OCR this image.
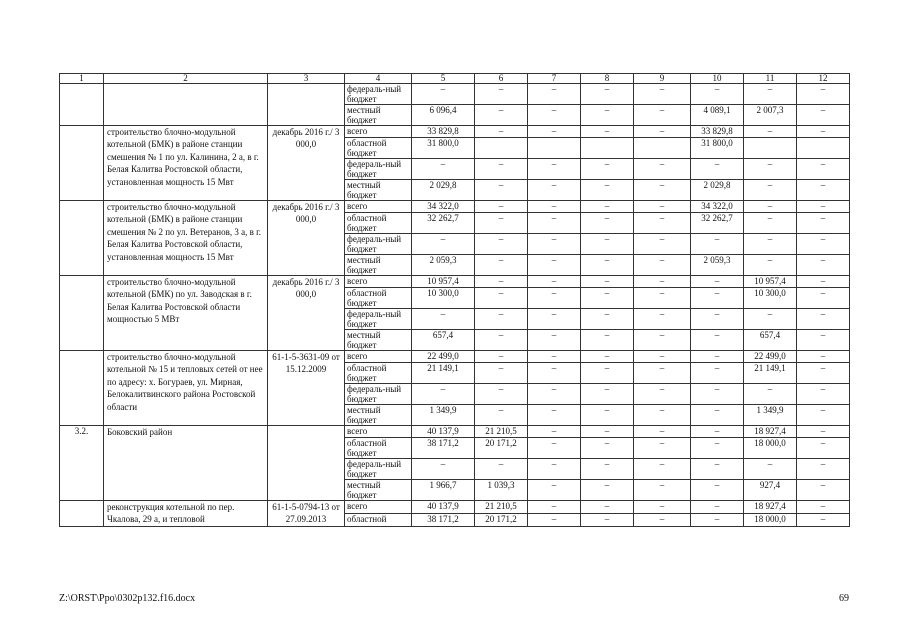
1	2	3	4	5	6	7	8	9	10	11	12
			федераль-ный бюджет	–	–	–	–	–	–	–	–
			местный бюджет	6 096,4	–	–	–	–	4 089,1	2 007,3	–
	строительство блочно-модульной котельной (БМК) в районе станции смешения № 1 по ул. Калинина, 2 а, в г. Белая Калитва Ростовской области, установленная мощность 15 Мвт	декабрь 2016 г./ 3 000,0	всего	33 829,8	–	–	–	–	33 829,8	–	–
			областной бюджет	31 800,0					31 800,0		
			федераль-ный бюджет	–	–	–	–	–	–	–	–
			местный бюджет	2 029,8	–	–	–	–	2 029,8	–	–
	строительство блочно-модульной котельной (БМК) в районе станции смешения № 2 по ул. Ветеранов, 3 а, в г. Белая Калитва Ростовской области, установленная мощность 15 Мвт	декабрь 2016 г./ 3 000,0	всего	34 322,0	–	–	–	–	34 322,0	–	–
			областной бюджет	32 262,7	–	–	–	–	32 262,7	–	–
			федераль-ный бюджет	–	–	–	–	–	–	–	–
			местный бюджет	2 059,3	–	–	–	–	2 059,3	–	–
	строительство блочно-модульной котельной (БМК) по ул. Заводская в г. Белая Калитва Ростовской области мощностью 5 МВт	декабрь 2016 г./ 3 000,0	всего	10 957,4	–	–	–	–	–	10 957,4	–
			областной бюджет	10 300,0	–	–	–	–	–	10 300,0	–
			федераль-ный бюджет	–	–	–	–	–	–	–	–
			местный бюджет	657,4	–	–	–	–	–	657,4	–
	строительство блочно-модульной котельной № 15 и тепловых сетей от нее по адресу: х. Богураев, ул. Мирная, Белокалитвинского района Ростовской области	61-1-5-3631-09 от 15.12.2009	всего	22 499,0	–	–	–	–	–	22 499,0	–
			областной бюджет	21 149,1	–	–	–	–	–	21 149,1	–
			федераль-ный бюджет	–	–	–	–	–	–	–	–
			местный бюджет	1 349,9	–	–	–	–	–	1 349,9	–
3.2.	Боковский район		всего	40 137,9	21 210,5	–	–	–	–	18 927,4	–
			областной бюджет	38 171,2	20 171,2	–	–	–	–	18 000,0	–
			федераль-ный бюджет	–	–	–	–	–	–	–	–
			местный бюджет	1 966,7	1 039,3	–	–	–	–	927,4	–
	реконструкция котельной по пер. Чкалова, 29 а, и тепловой	61-1-5-0794-13 от 27.09.2013	всего	40 137,9	21 210,5	–	–	–	–	18 927,4	–
			областной	38 171,2	20 171,2	–	–	–	–	18 000,0	–
Z:\ORST\Ppo\0302p132.f16.docx	69
